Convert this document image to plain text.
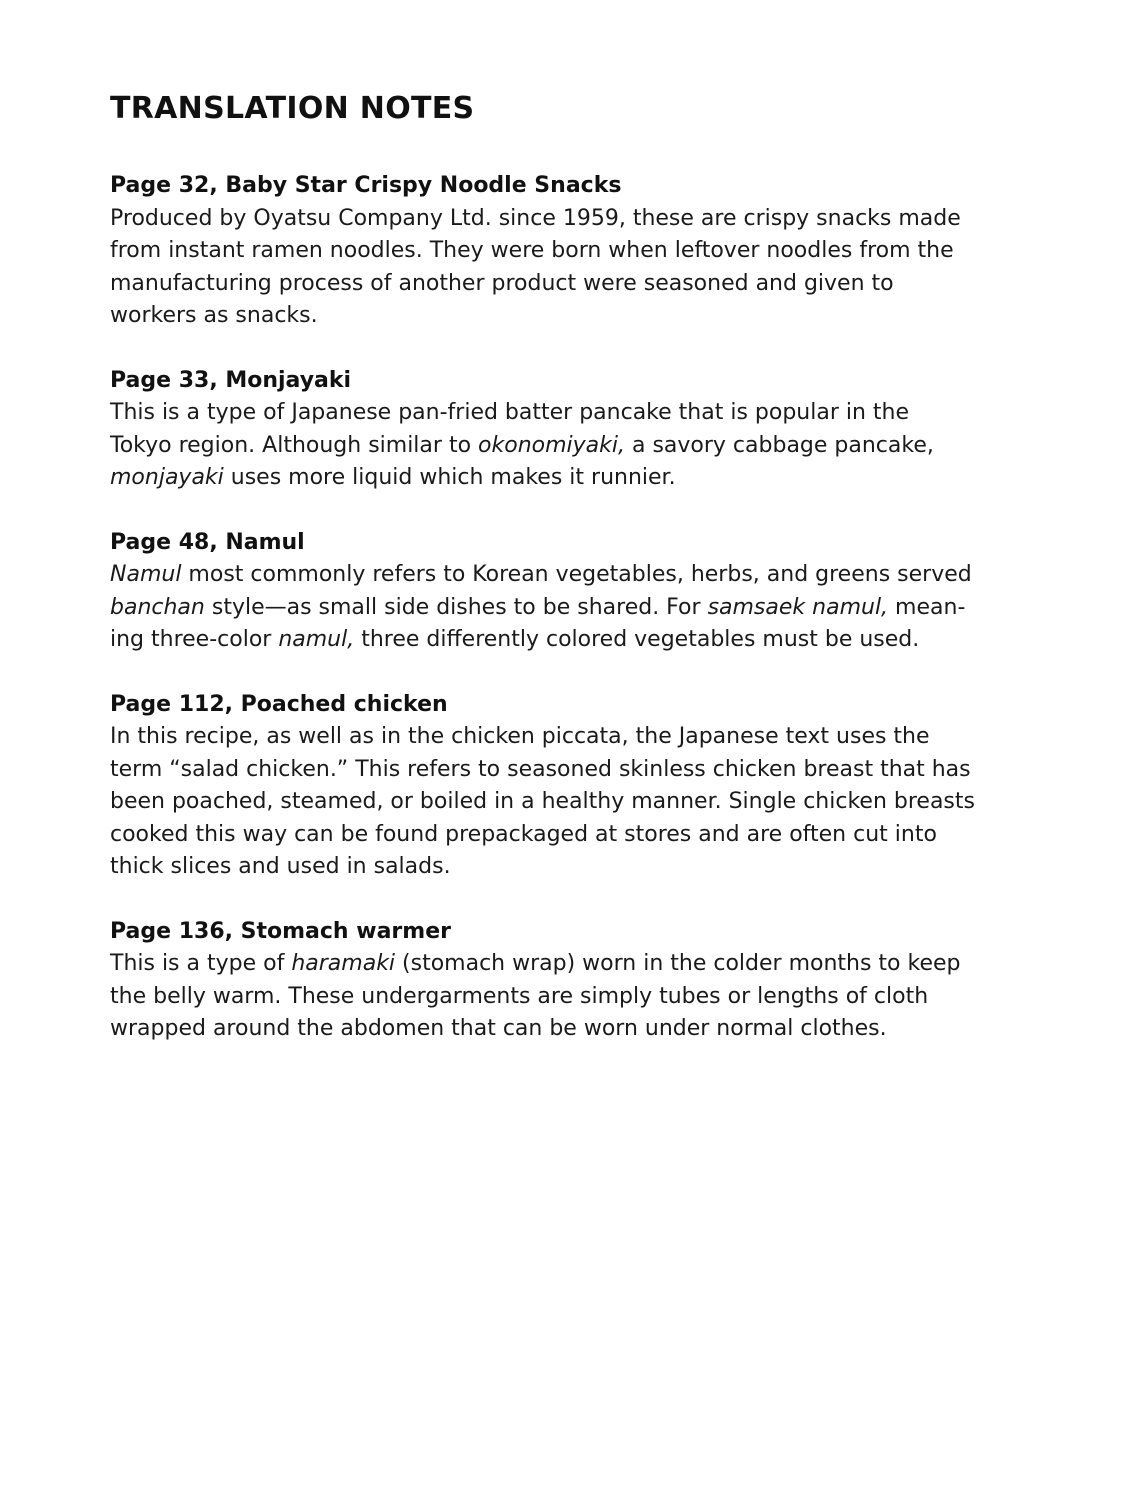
TRANSLATION NOTES

Page 32, Baby Star Crispy Noodle Snacks

Produced by Oyatsu Company Ltd. since 1959, these are crispy snacks made
from instant ramen noodles. They were born when leftover noodles from the
manufacturing process of another product were seasoned and given to
workers as snacks.

Page 33, Monjayaki

This is a type of Japanese pan-fried batter pancake that is popular in the
Tokyo region. Although similar to okonomiyaki, a savory cabbage pancake,
monjayaki uses more liquid which makes it runnier.

Page 48, Namul

Namul most commonly refers to Korean vegetables, herbs, and greens served
banchan style—as small side dishes to be shared. For samsaek namul, mean-
ing three-color namul, three differently colored vegetables must be used.

Page 112, Poached chicken

In this recipe, as well as in the chicken piccata, the Japanese text uses the
term “salad chicken.” This refers to seasoned skinless chicken breast that has
been poached, steamed, or boiled in a healthy manner. Single chicken breasts
cooked this way can be found prepackaged at stores and are often cut into
thick slices and used in salads.

Page 136, Stomach warmer

This is a type of haramaki (stomach wrap) worn in the colder months to keep
the belly warm. These undergarments are simply tubes or lengths of cloth
wrapped around the abdomen that can be worn under normal clothes.
